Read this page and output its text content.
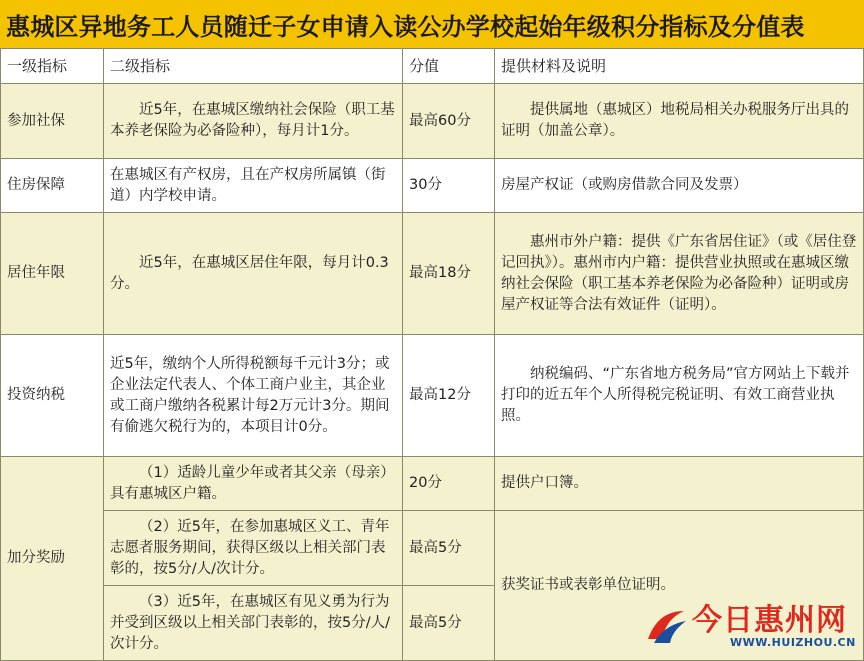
惠城区异地务工人员随迁子女申请入读公办学校起始年级积分指标及分值表
一级指标	二级指标	分值	提供材料及说明
参加社保	近5年，在惠城区缴纳社会保险（职工基本养老保险为必备险种），每月计1分。	最高60分	提供属地（惠城区）地税局相关办税服务厅出具的证明（加盖公章）。
住房保障	在惠城区有产权房，且在产权房所属镇（街道）内学校申请。	30分	房屋产权证（或购房借款合同及发票）
居住年限	近5年，在惠城区居住年限，每月计0.3分。	最高18分	惠州市外户籍：提供《广东省居住证》（或《居住登记回执》）。惠州市内户籍：提供营业执照或在惠城区缴纳社会保险（职工基本养老保险为必备险种）证明或房屋产权证等合法有效证件（证明）。
投资纳税	近5年，缴纳个人所得税额每千元计3分；或企业法定代表人、个体工商户业主，其企业或工商户缴纳各税累计每2万元计3分。期间有偷逃欠税行为的，本项目计0分。	最高12分	纳税编码、“广东省地方税务局”官方网站上下载并打印的近五年个人所得税完税证明、有效工商营业执照。
加分奖励	（1）适龄儿童少年或者其父亲（母亲）具有惠城区户籍。	20分	提供户口簿。
	（2）近5年，在参加惠城区义工、青年志愿者服务期间，获得区级以上相关部门表彰的，按5分/人/次计分。	最高5分	获奖证书或表彰单位证明。
	（3）近5年，在惠城区有见义勇为行为并受到区级以上相关部门表彰的，按5分/人/次计分。	最高5分		今日惠州网
WWW.HUIZHOU.CN
